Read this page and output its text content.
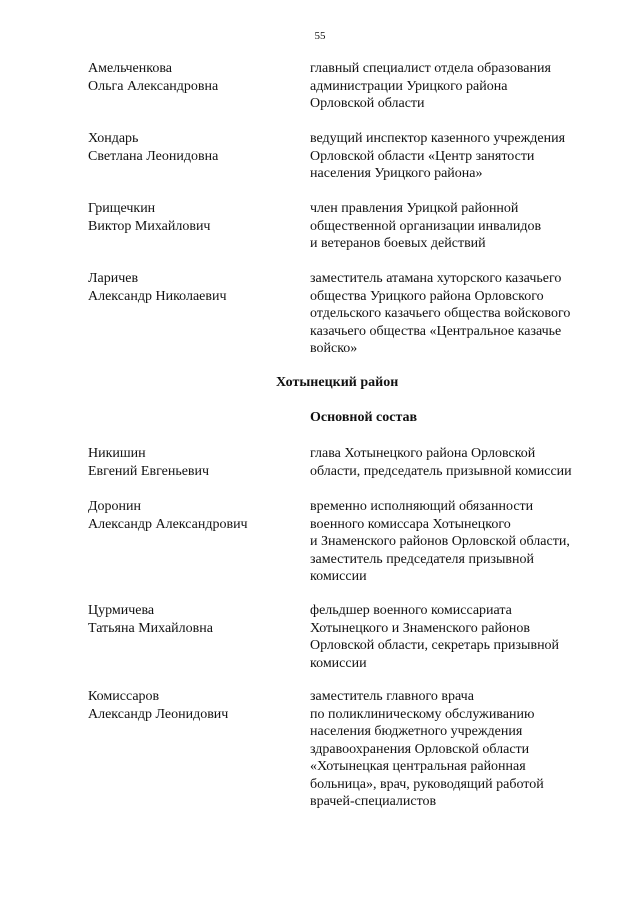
55
Амельченкова
Ольга Александровна
главный специалист отдела образования
администрации Урицкого района
Орловской области
Хондарь
Светлана Леонидовна
ведущий инспектор казенного учреждения
Орловской области «Центр занятости
населения Урицкого района»
Грищечкин
Виктор Михайлович
член правления Урицкой районной
общественной организации инвалидов
и ветеранов боевых действий
Ларичев
Александр Николаевич
заместитель атамана хуторского казачьего
общества Урицкого района Орловского
отдельского казачьего общества войскового
казачьего общества «Центральное казачье
войско»
Хотынецкий район
Основной состав
Никишин
Евгений Евгеньевич
глава Хотынецкого района Орловской
области, председатель призывной комиссии
Доронин
Александр Александрович
временно исполняющий обязанности
военного комиссара Хотынецкого
и Знаменского районов Орловской области,
заместитель председателя призывной
комиссии
Цурмичева
Татьяна Михайловна
фельдшер военного комиссариата
Хотынецкого и Знаменского районов
Орловской области, секретарь призывной
комиссии
Комиссаров
Александр Леонидович
заместитель главного врача
по поликлиническому обслуживанию
населения бюджетного учреждения
здравоохранения Орловской области
«Хотынецкая центральная районная
больница», врач, руководящий работой
врачей-специалистов
